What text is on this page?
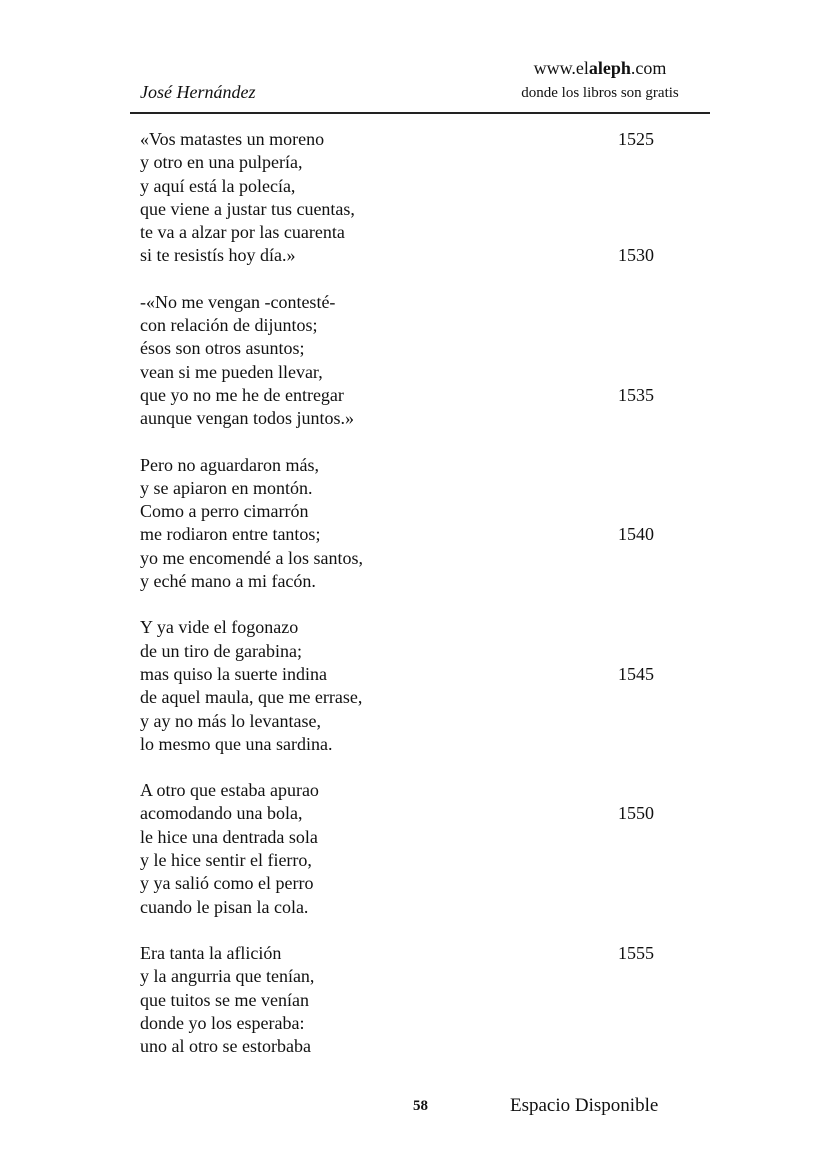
José Hernández
www.elaleph.com
donde los libros son gratis
«Vos matastes un moreno	1525
y otro en una pulpería,
y aquí está la polecía,
que viene a justar tus cuentas,
te va a alzar por las cuarenta
si te resistís hoy día.»	1530
-«No me vengan -contesté-
con relación de dijuntos;
ésos son otros asuntos;
vean si me pueden llevar,
que yo no me he de entregar	1535
aunque vengan todos juntos.»
Pero no aguardaron más,
y se apiaron en montón.
Como a perro cimarrón
me rodiaron entre tantos;	1540
yo me encomendé a los santos,
y eché mano a mi facón.
Y ya vide el fogonazo
de un tiro de garabina;
mas quiso la suerte indina	1545
de aquel maula, que me errase,
y ay no más lo levantase,
lo mesmo que una sardina.
A otro que estaba apurao
acomodando una bola,	1550
le hice una dentrada sola
y le hice sentir el fierro,
y ya salió como el perro
cuando le pisan la cola.
Era tanta la aflición	1555
y la angurria que tenían,
que tuitos se me venían
donde yo los esperaba:
uno al otro se estorbaba
58	Espacio Disponible
